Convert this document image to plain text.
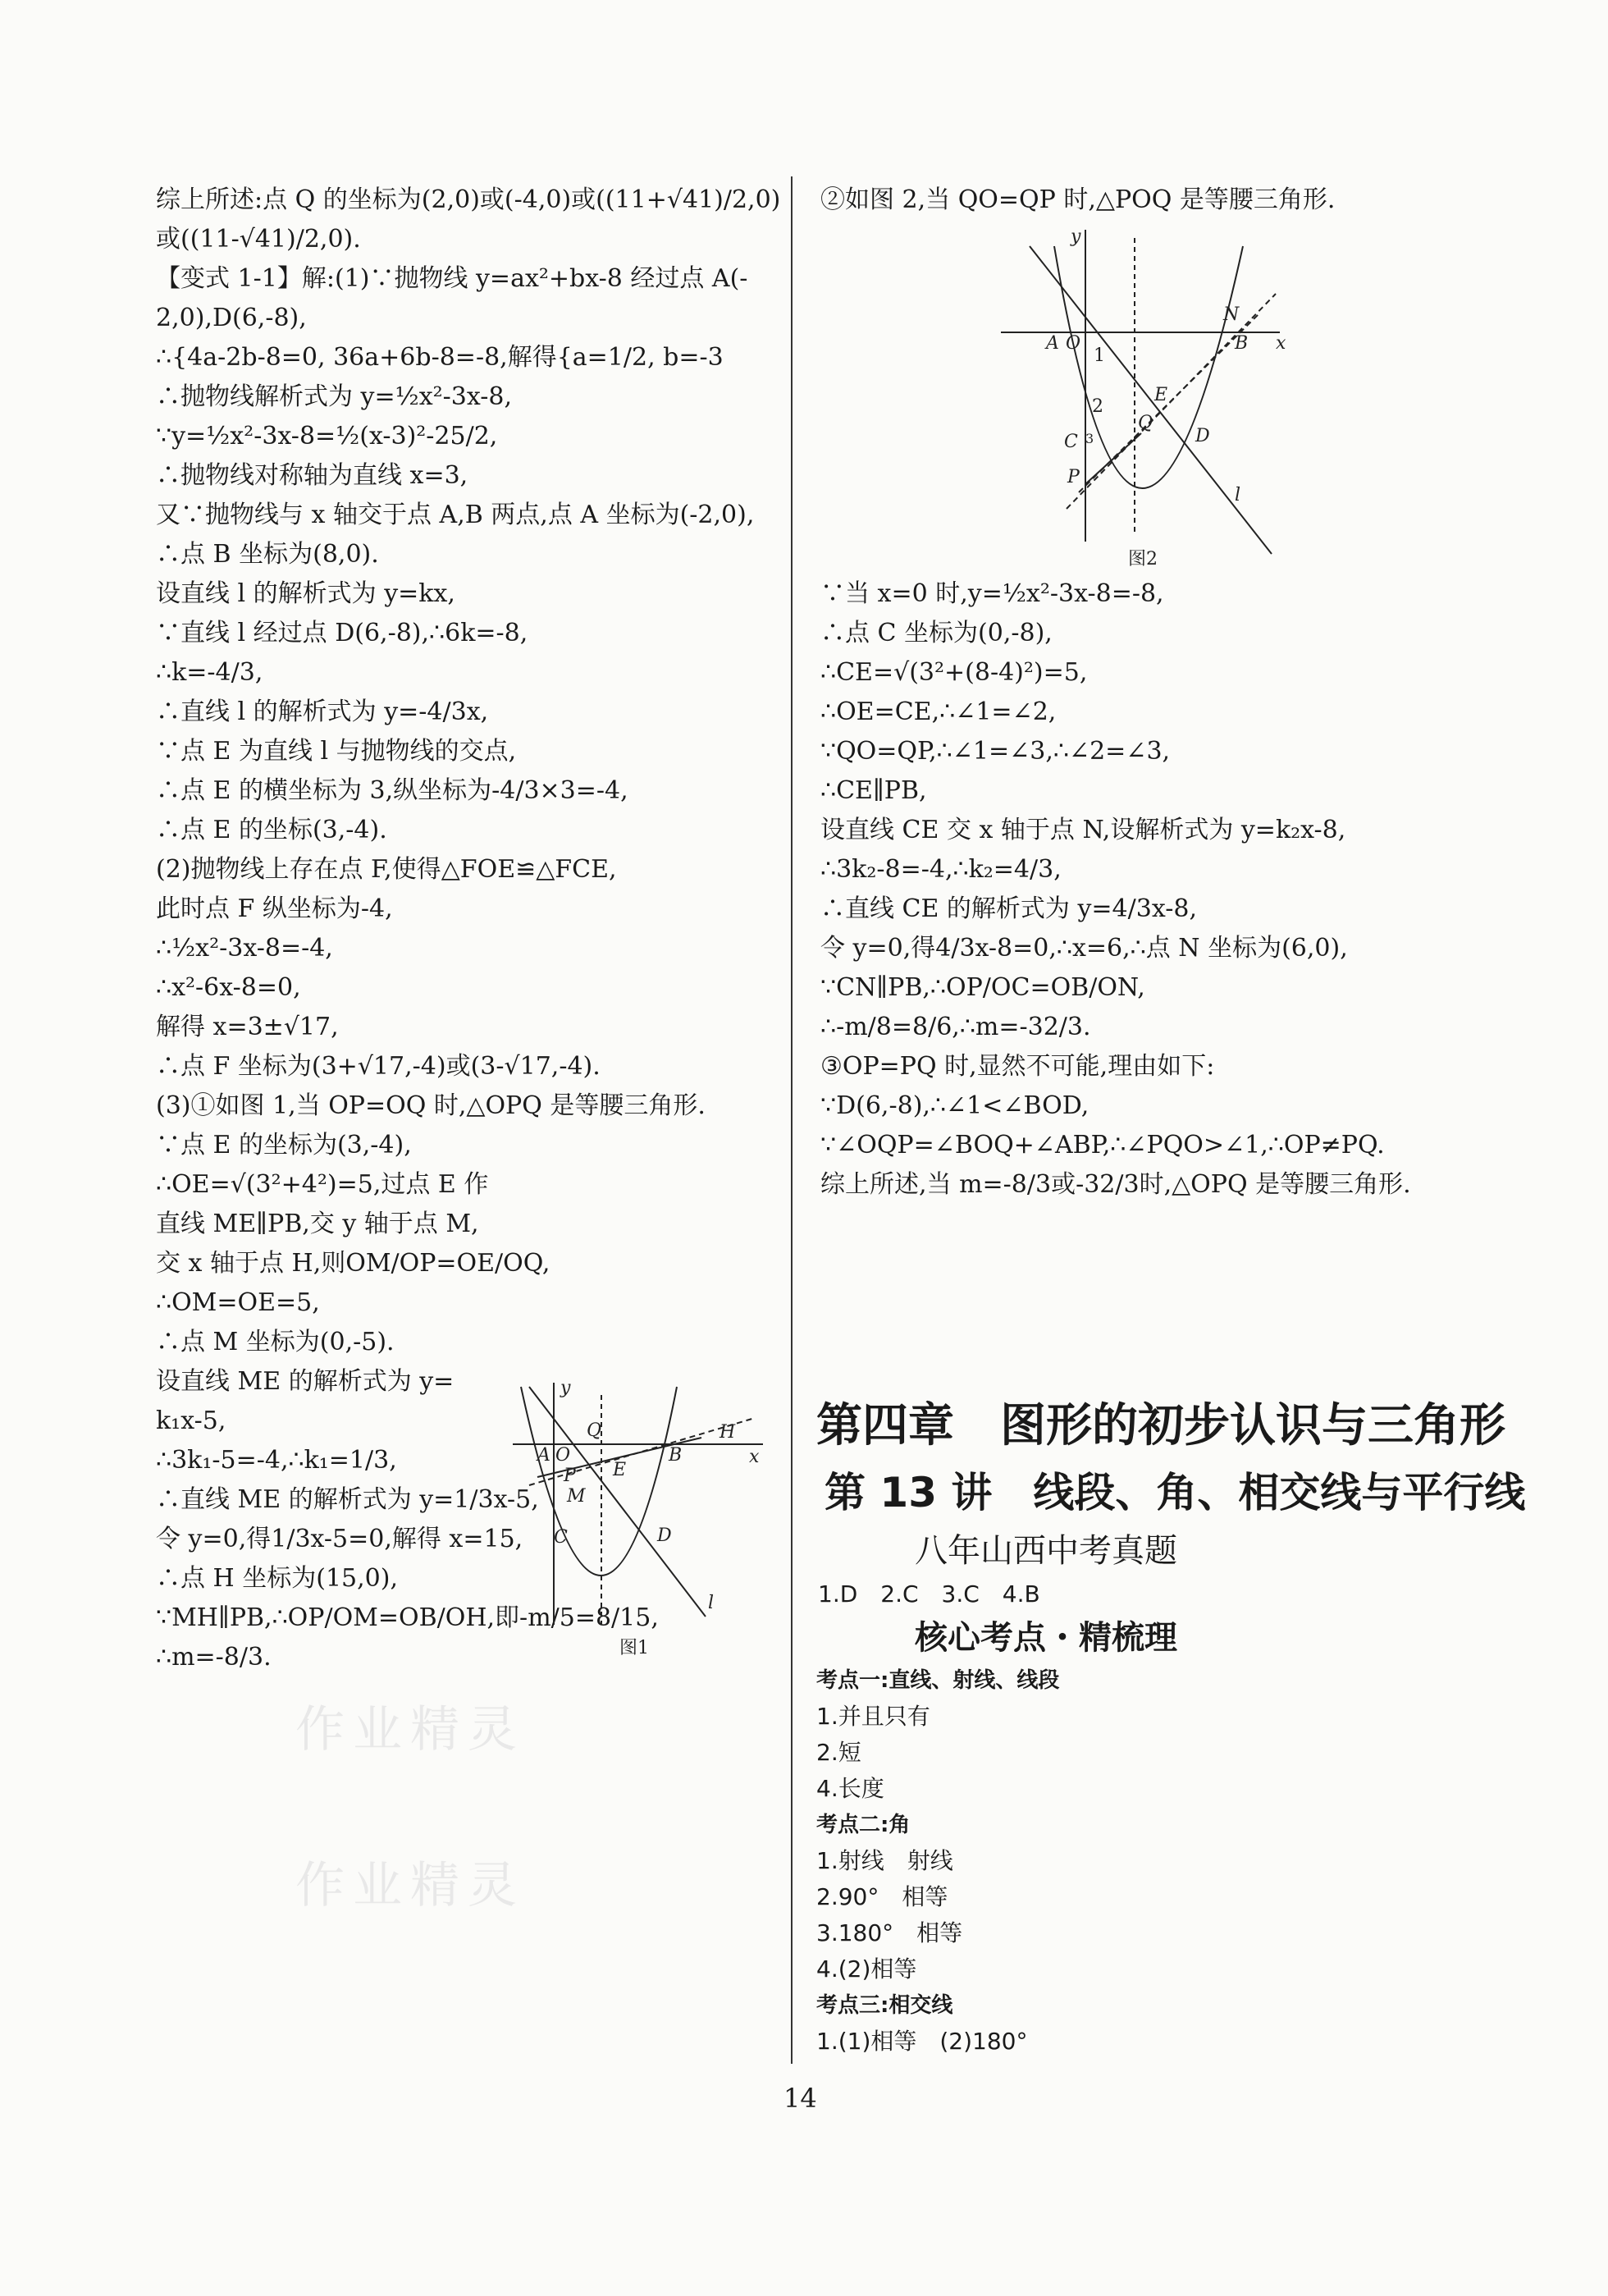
作业精灵
作业精灵
综上所述:点 Q 的坐标为(2,0)或(-4,0)或((11+√41)/2,0)
或((11-√41)/2,0).
【变式 1-1】解:(1)∵抛物线 y=ax²+bx-8 经过点 A(-
2,0),D(6,-8),
∴{4a-2b-8=0, 36a+6b-8=-8,解得{a=1/2, b=-3
∴抛物线解析式为 y=½x²-3x-8,
∵y=½x²-3x-8=½(x-3)²-25/2,
∴抛物线对称轴为直线 x=3,
又∵抛物线与 x 轴交于点 A,B 两点,点 A 坐标为(-2,0),
∴点 B 坐标为(8,0).
设直线 l 的解析式为 y=kx,
∵直线 l 经过点 D(6,-8),∴6k=-8,
∴k=-4/3,
∴直线 l 的解析式为 y=-4/3x,
∵点 E 为直线 l 与抛物线的交点,
∴点 E 的横坐标为 3,纵坐标为-4/3×3=-4,
∴点 E 的坐标(3,-4).
(2)抛物线上存在点 F,使得△FOE≌△FCE,
此时点 F 纵坐标为-4,
∴½x²-3x-8=-4,
∴x²-6x-8=0,
解得 x=3±√17,
∴点 F 坐标为(3+√17,-4)或(3-√17,-4).
(3)①如图 1,当 OP=OQ 时,△OPQ 是等腰三角形.
∵点 E 的坐标为(3,-4),
∴OE=√(3²+4²)=5,过点 E 作
直线 ME∥PB,交 y 轴于点 M,
交 x 轴于点 H,则OM/OP=OE/OQ,
∴OM=OE=5,
∴点 M 坐标为(0,-5).
设直线 ME 的解析式为 y=
k₁x-5,
∴3k₁-5=-4,∴k₁=1/3,
∴直线 ME 的解析式为 y=1/3x-5,
令 y=0,得1/3x-5=0,解得 x=15,
∴点 H 坐标为(15,0),
∵MH∥PB,∴OP/OM=OB/OH,即-m/5=8/15,
∴m=-8/3.
y
Q	H
A O	B	x
P E
M
C	D
l
图1
②如图 2,当 QO=QP 时,△POQ 是等腰三角形.
y
N
A O	B x
1
E
2
Q
C 3	D
P
l
图2
∵当 x=0 时,y=½x²-3x-8=-8,
∴点 C 坐标为(0,-8),
∴CE=√(3²+(8-4)²)=5,
∴OE=CE,∴∠1=∠2,
∵QO=QP,∴∠1=∠3,∴∠2=∠3,
∴CE∥PB,
设直线 CE 交 x 轴于点 N,设解析式为 y=k₂x-8,
∴3k₂-8=-4,∴k₂=4/3,
∴直线 CE 的解析式为 y=4/3x-8,
令 y=0,得4/3x-8=0,∴x=6,∴点 N 坐标为(6,0),
∵CN∥PB,∴OP/OC=OB/ON,
∴-m/8=8/6,∴m=-32/3.
③OP=PQ 时,显然不可能,理由如下:
∵D(6,-8),∴∠1<∠BOD,
∵∠OQP=∠BOQ+∠ABP,∴∠PQO>∠1,∴OP≠PQ.
综上所述,当 m=-8/3或-32/3时,△OPQ 是等腰三角形.
第四章　图形的初步认识与三角形
第 13 讲　线段、角、相交线与平行线
八年山西中考真题
1.D　2.C　3.C　4.B
核心考点・精梳理
考点一:直线、射线、线段
1.并且只有
2.短
4.长度
考点二:角
1.射线　射线
2.90°　相等
3.180°　相等
4.(2)相等
考点三:相交线
1.(1)相等　(2)180°
14
